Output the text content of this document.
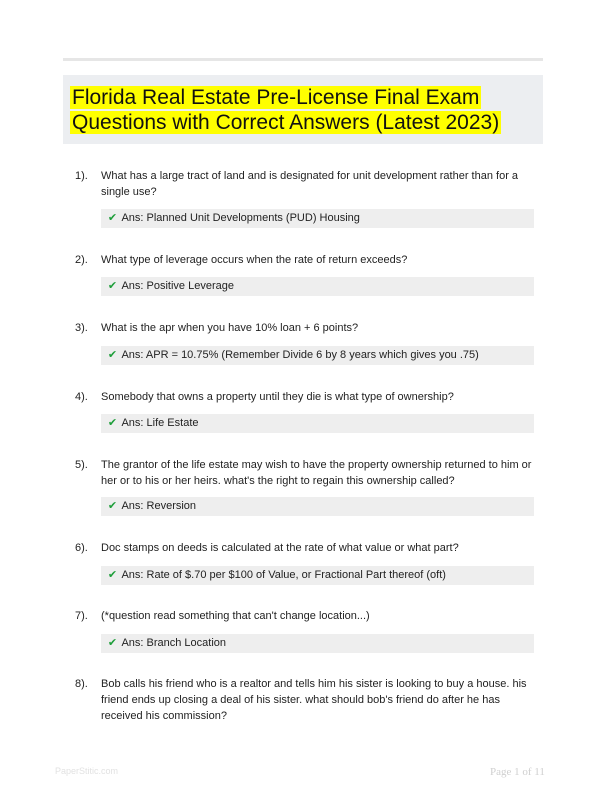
Florida Real Estate Pre-License Final Exam Questions with Correct Answers (Latest 2023)
1). What has a large tract of land and is designated for unit development rather than for a single use?
✔ Ans: Planned Unit Developments (PUD) Housing
2). What type of leverage occurs when the rate of return exceeds?
✔ Ans: Positive Leverage
3). What is the apr when you have 10% loan + 6 points?
✔ Ans: APR = 10.75% (Remember Divide 6 by 8 years which gives you .75)
4). Somebody that owns a property until they die is what type of ownership?
✔ Ans: Life Estate
5). The grantor of the life estate may wish to have the property ownership returned to him or her or to his or her heirs. what's the right to regain this ownership called?
✔ Ans: Reversion
6). Doc stamps on deeds is calculated at the rate of what value or what part?
✔ Ans: Rate of $.70 per $100 of Value, or Fractional Part thereof (oft)
7). (*question read something that can't change location...)
✔ Ans: Branch Location
8). Bob calls his friend who is a realtor and tells him his sister is looking to buy a house. his friend ends up closing a deal of his sister. what should bob's friend do after he has received his commission?
PaperStitic.com	Page 1 of 11
